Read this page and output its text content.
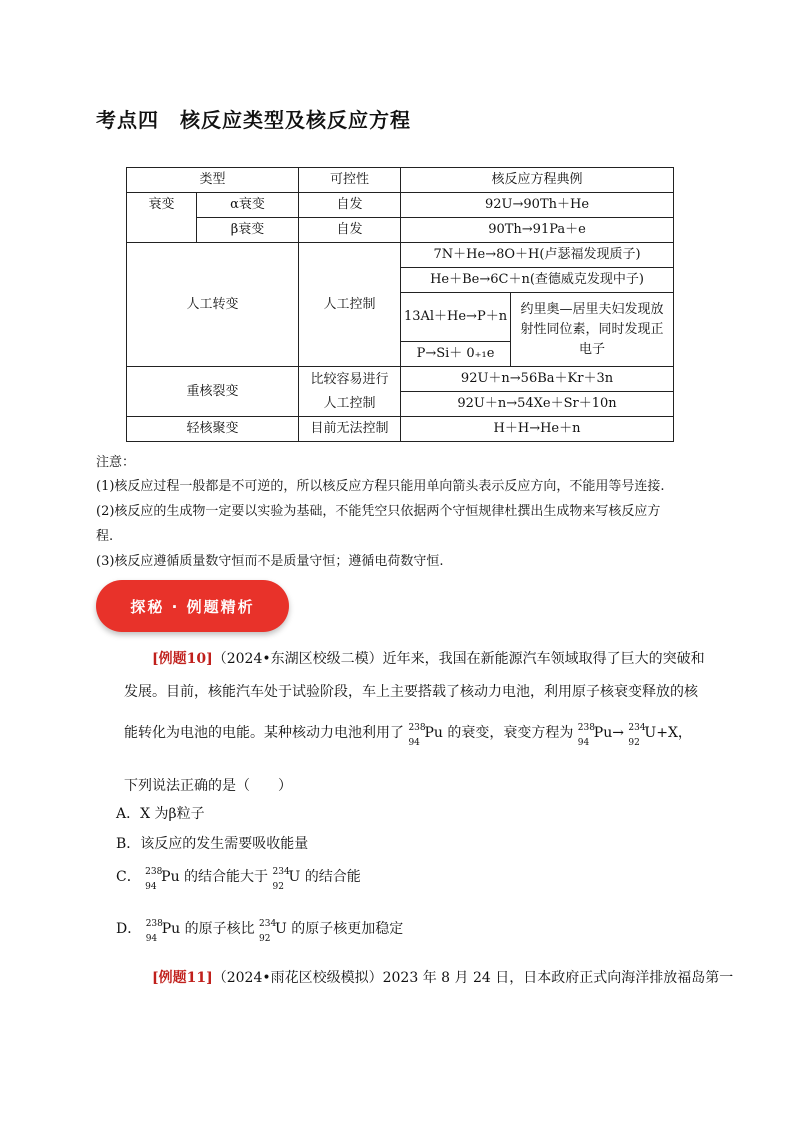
考点四　核反应类型及核反应方程
类型		可控性	核反应方程典例	
衰变	α衰变	自发	92U→90Th＋He	
	β衰变	自发	90Th→91Pa＋e	
人工转变		人工控制	7N＋He→8O＋H(卢瑟福发现质子)	
			He＋Be→6C＋n(查德威克发现中子)	
			13Al＋He→P＋n	约里奥—居里夫妇发现放射性同位素，同时发现正电子
			P→Si＋ 0₊₁e	
重核裂变		比较容易进行人工控制	92U＋n→56Ba＋Kr＋3n	
			92U＋n→54Xe＋Sr＋10n	
轻核聚变		目前无法控制	H＋H→He＋n	
注意：
(1)核反应过程一般都是不可逆的，所以核反应方程只能用单向箭头表示反应方向，不能用等号连接.
(2)核反应的生成物一定要以实验为基础，不能凭空只依据两个守恒规律杜撰出生成物来写核反应方
程.
(3)核反应遵循质量数守恒而不是质量守恒；遵循电荷数守恒.
探秘 · 例题精析
[例题10]（2024•东湖区校级二模）近年来，我国在新能源汽车领域取得了巨大的突破和
发展。目前，核能汽车处于试验阶段，车上主要搭载了核动力电池，利用原子核衰变释放的核
能转化为电池的电能。某种核动力电池利用了 238
94
Pu 的衰变，衰变方程为 238
94
Pu→ 234
92
U+X，
下列说法正确的是（　　）
A．X 为β粒子
B．该反应的发生需要吸收能量
C． 238
94
Pu 的结合能大于 234
92
U 的结合能
D． 238
94
Pu 的原子核比 234
92
U 的原子核更加稳定
[例题11]（2024•雨花区校级模拟）2023 年 8 月 24 日，日本政府正式向海洋排放福岛第一
